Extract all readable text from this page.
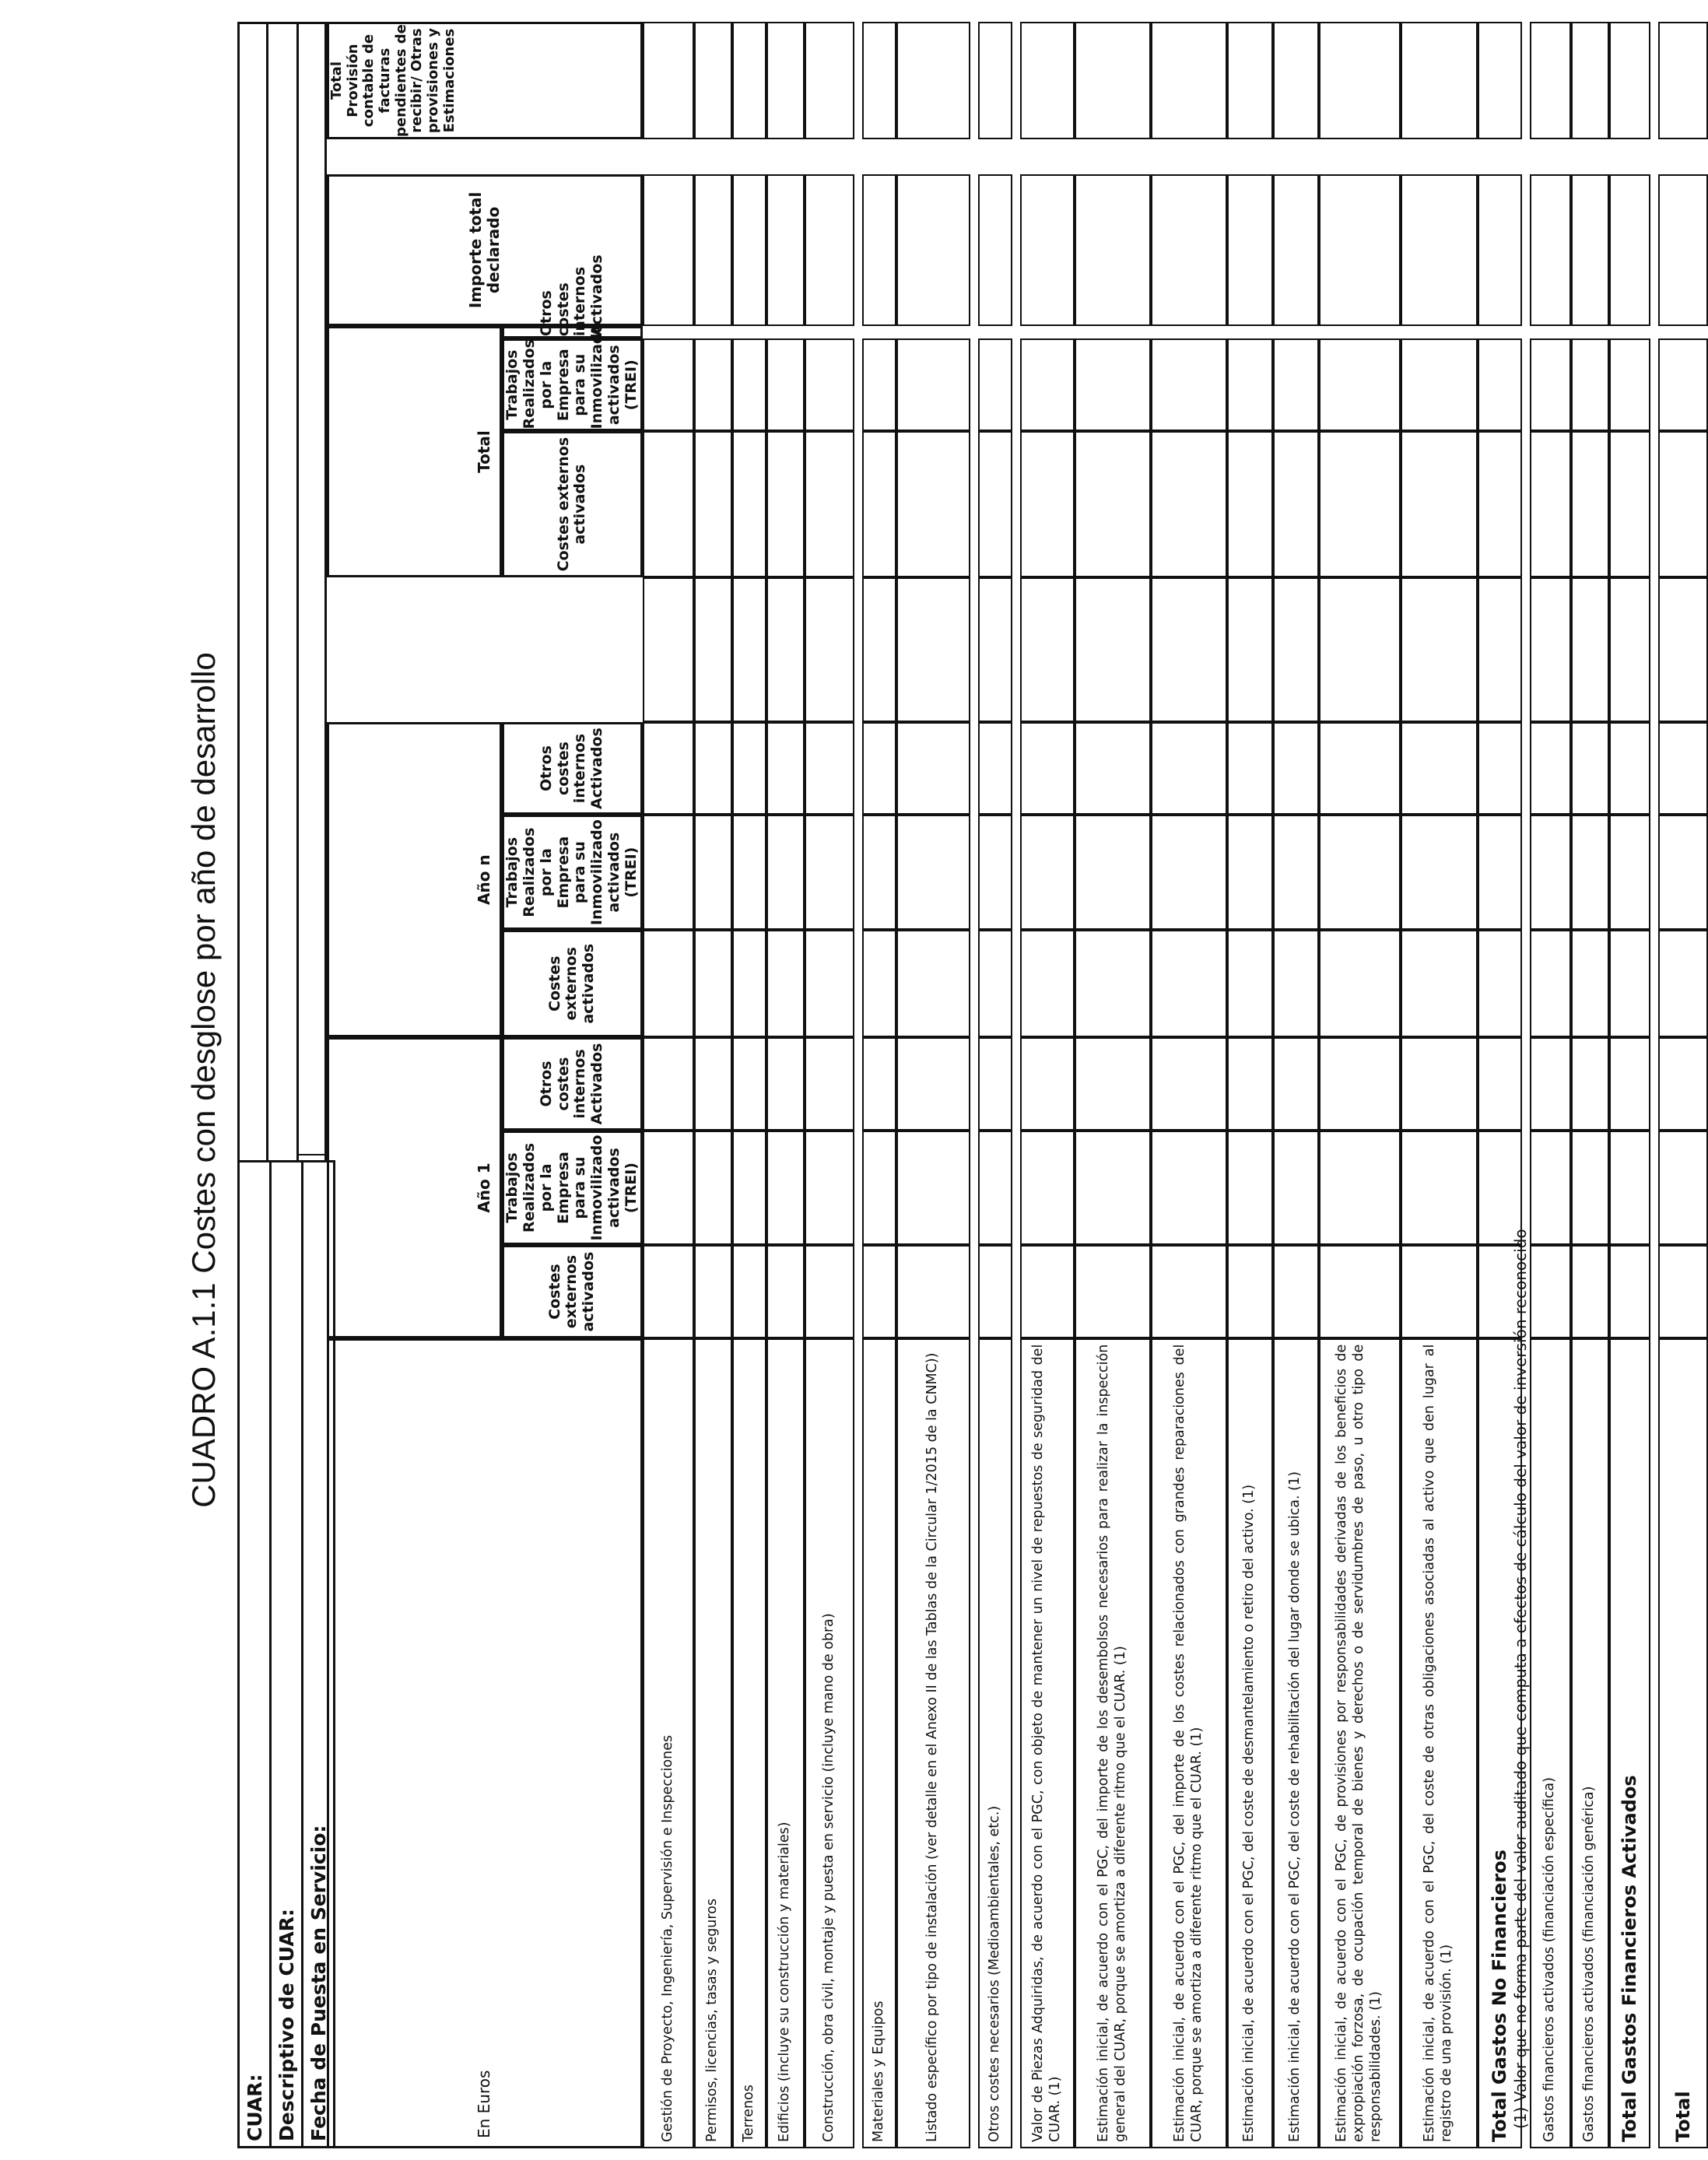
CUADRO A.1.1 Costes con desglose por año de desarrollo
CUAR:
Descriptivo de CUAR:
Fecha de Puesta en Servicio:	En Euros	Año 1			Año n				Total			Importe total declarado		Total Provisión contable de facturas pendientes de recibir/ Otras provisiones y Estimaciones
	Costes externos activados	Trabajos Realizados por la Empresa para su Inmovilizado activados (TREI)	Otros costes internos Activados	Costes externos activados	Trabajos Realizados por la Empresa para su Inmovilizado activados (TREI)	Otros costes internos Activados		Costes externos activados	Trabajos Realizados por la Empresa para su Inmovilizado activados (TREI)	Otros costes internos Activados			
Gestión de Proyecto, Ingeniería, Supervisión e Inspecciones													
Permisos, licencias, tasas y seguros													
Terrenos													
Edificios (incluye su construcción y materiales)													
Construcción, obra civil, montaje y puesta en servicio (incluye mano de obra)													

Materiales y Equipos													
Listado específico por tipo de instalación (ver detalle en el Anexo II de las Tablas de la Circular 1/2015 de la CNMC))													

Otros costes necesarios (Medioambientales, etc.)													

Valor de Piezas Adquiridas, de acuerdo con el PGC, con objeto de mantener un nivel de repuestos de seguridad del CUAR. (1)													
Estimación inicial, de acuerdo con el PGC, del importe de los desembolsos necesarios para realizar la inspección general del CUAR, porque se amortiza a diferente ritmo que el CUAR. (1)													
Estimación inicial, de acuerdo con el PGC, del importe de los costes relacionados con grandes reparaciones del CUAR, porque se amortiza a diferente ritmo que el CUAR. (1)													
Estimación inicial, de acuerdo con el PGC, del coste de desmantelamiento o retiro del activo. (1)													
Estimación inicial, de acuerdo con el PGC, del coste de rehabilitación del lugar donde se ubica. (1)													
Estimación inicial, de acuerdo con el PGC, de provisiones por responsabilidades derivadas de los beneficios de expropiación forzosa, de ocupación temporal de bienes y derechos o de servidumbres de paso, u otro tipo de responsabilidades. (1)													
Estimación inicial, de acuerdo con el PGC, del coste de otras obligaciones asociadas al activo que den lugar al registro de una provisión. (1)													
Total Gastos No Financieros													

Gastos financieros activados (financiación específica)													
Gastos financieros activados (financiación genérica)													
Total Gastos Financieros Activados													

Total													
(1) Valor que no forma parte del valor auditado que computa a efectos de cálculo del valor de inversión reconocido
